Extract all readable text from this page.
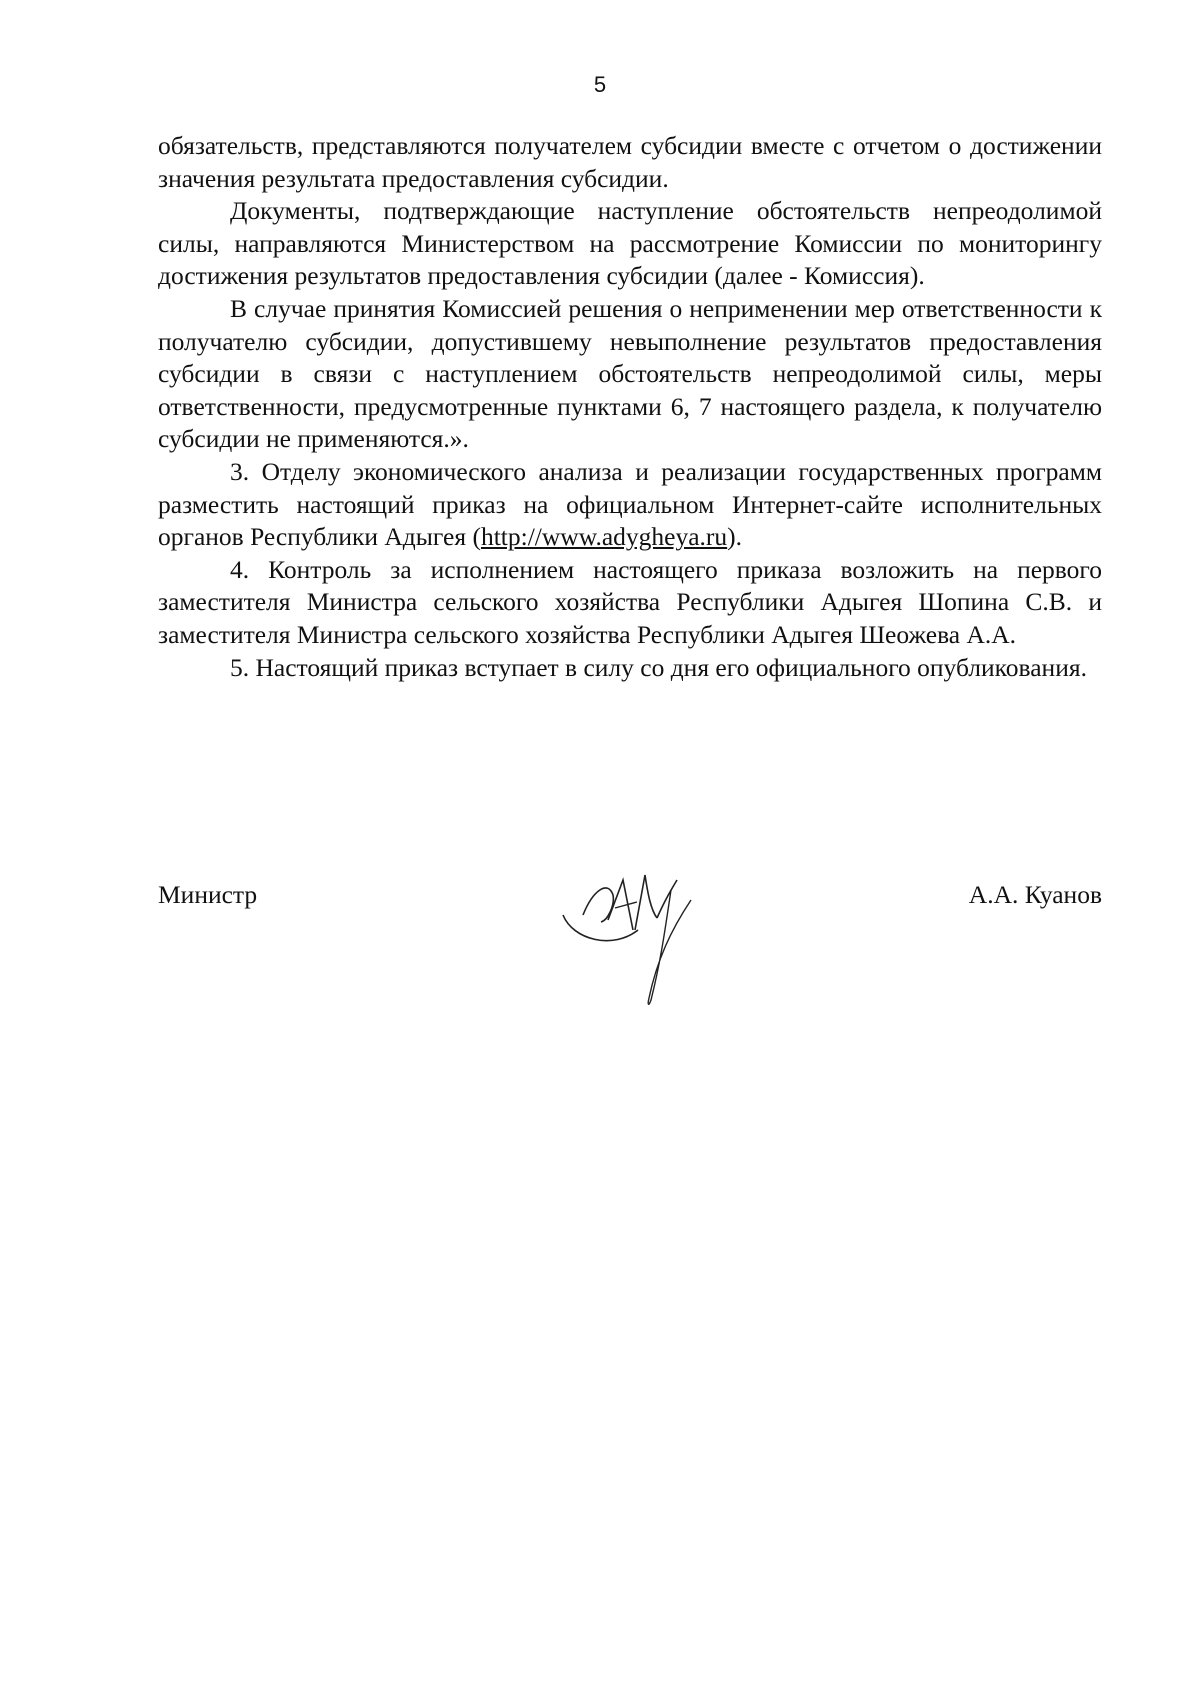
5

обязательств, представляются получателем субсидии вместе с отчетом о достижении значения результата предоставления субсидии.

Документы, подтверждающие наступление обстоятельств непреодолимой силы, направляются Министерством на рассмотрение Комиссии по мониторингу достижения результатов предоставления субсидии (далее - Комиссия).

В случае принятия Комиссией решения о неприменении мер ответственности к получателю субсидии, допустившему невыполнение результатов предоставления субсидии в связи с наступлением обстоятельств непреодолимой силы, меры ответственности, предусмотренные пунктами 6, 7 настоящего раздела, к получателю субсидии не применяются.».

3. Отделу экономического анализа и реализации государственных программ разместить настоящий приказ на официальном Интернет-сайте исполнительных органов Республики Адыгея (http://www.adygheya.ru).

4. Контроль за исполнением настоящего приказа возложить на первого заместителя Министра сельского хозяйства Республики Адыгея Шопина С.В. и заместителя Министра сельского хозяйства Республики Адыгея Шеожева А.А.

5. Настоящий приказ вступает в силу со дня его официального опубликования.

Министр	А.А. Куанов
